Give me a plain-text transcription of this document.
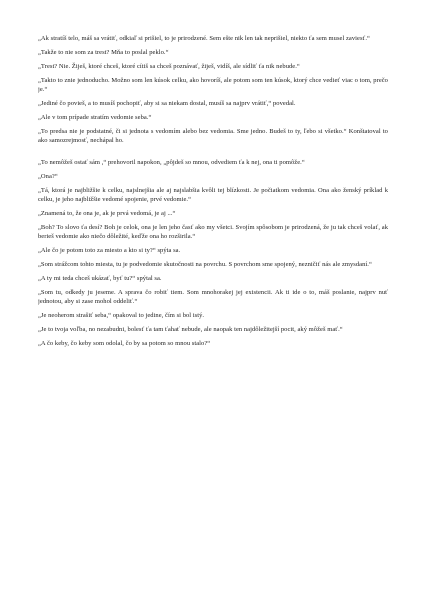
„Ak stratíš telo, máš sa vrátiť, odkiaľ si prišiel, to je prirodzené. Sem ešte nik len tak neprišiel, niekto ťa sem musel zaviesť.“

„Takže to nie som za trest? Mňa to poslal peklo.“

„Trest? Nie. Žiješ, ktoré chceš, ktoré cítiš sa chceš poznávať, žiješ, vidíš, ale sídliť ťa nik nebude.“

„Takto to znie jednoducho. Možno som len kúsok celku, ako hovoríš, ale potom som ten kúsok, ktorý chce vedieť viac o tom, prečo je.“

„Jediné čo povieš, a to musíš pochopiť, aby si sa niekam dostal, musíš sa najprv vrátiť,“ povedal.

„Ale v tom prípade stratím vedomie seba.“

„To predsa nie je podstatné, či si jednota s vedomím alebo bez vedomia. Sme jedno. Budeš to ty, ľebo si všetko.“ Konštatoval to ako samozrejmosť, nechápal ho.

„To nemôžeš ostať sám ,“ prehovoril napokon, „pôjdeš so mnou, odvediem ťa k nej, ona ti pomôže.“

„Ona?“

„Tá, ktorá je najbližšie k celku, najslnejšia ale aj najslabšia kvôli tej blízkosti. Je počiatkom vedomia. Ona ako ženský príklad k celku, je jeho najbližšie vedomé spojenie, prvé vedomie.“

„Znamená to, že ona je, ak je prvá vedomá, je aj ...“

„Boh? To slovo ťa desí? Boh je celok, ona je len jeho časť ako my všetci. Svojím spôsobom je prirodzená, že ju tak chceš volať, ak beriеš vedomie ako niečo dôležité, keďže ona ho rozširila.“

„Ale čo je potom toto za miesto a kto si ty?“ spýta sa.

„Som strážcom tohto miesta, tu je podvedomie skutočnosti na povrchu. S povrchom sme spojený, nezničiť nás ale zmysdaní.“

„A ty mi teda chceš ukázať, byť tu?“ spýtal sa.

„Som tu, odkedy ju jeseme. A sprava čo robiť tiem. Som mnohorakej jej existencii. Ak ti ide o to, máš poslanie, najprv nuť jednotou, aby si zase mohol oddeliť.“

„Je neoherom strašiť seba,“ opakoval to jedine, čím si bol istý.

„Je to tvoja voľba, no nezabudni, bolesť ťa tam ťahať nebude, ale naopak ten najdôležitejší pocit, aký môžeš mať.“

„A čo keby, čo keby som odolal, čo by sa potom so mnou stalo?“
